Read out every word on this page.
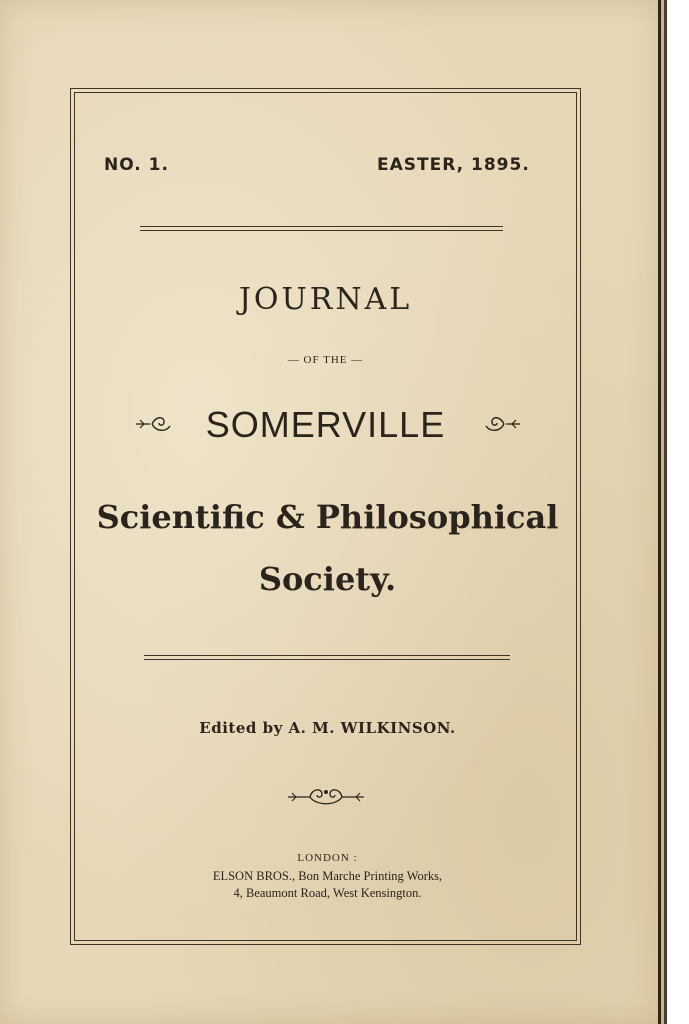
NO. 1.	EASTER, 1895.
JOURNAL
— OF THE —
SOMERVILLE
Scientific & Philosophical
Society.
Edited by A. M. WILKINSON.
LONDON :
ELSON BROS., Bon Marche Printing Works,
4, Beaumont Road, West Kensington.
